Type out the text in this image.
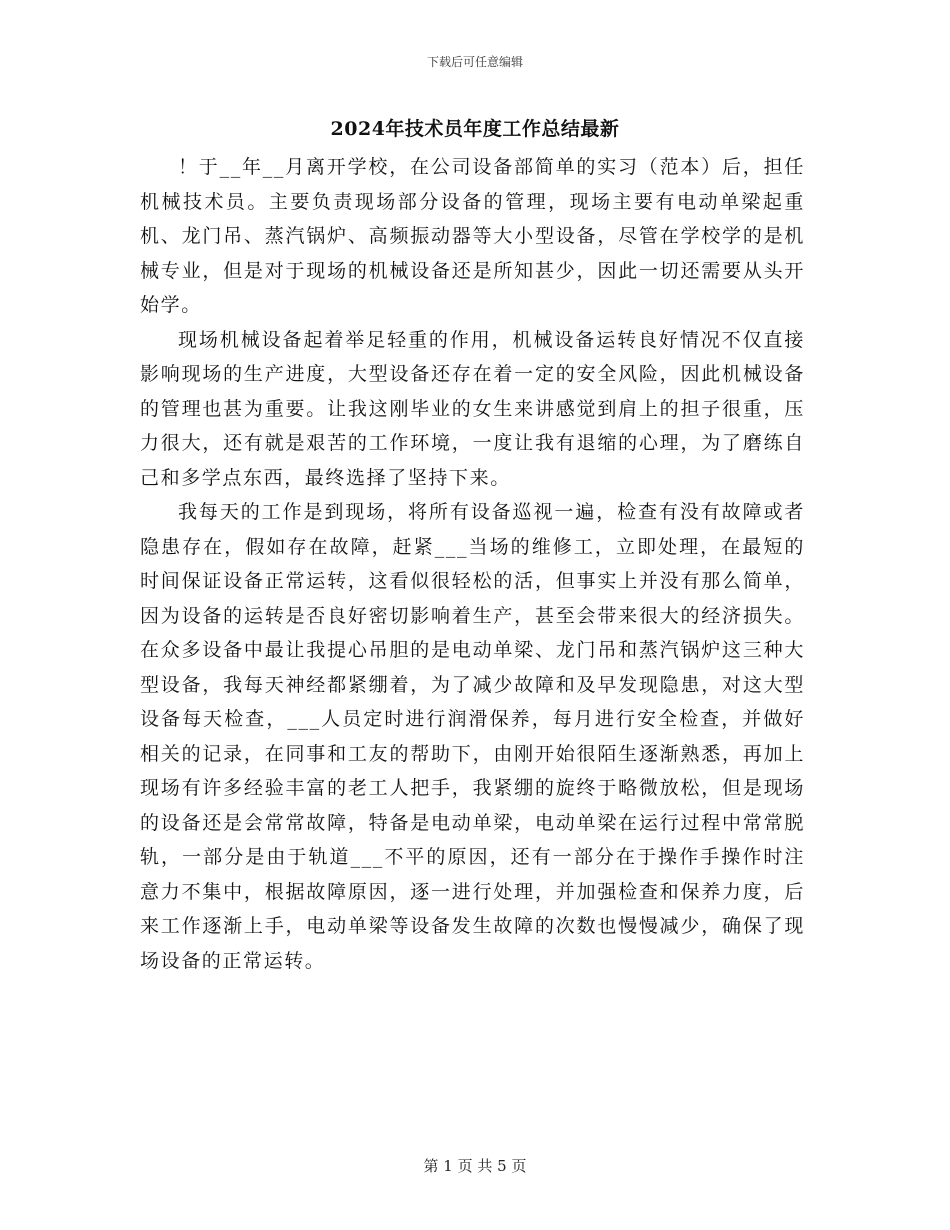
下载后可任意编辑
2024年技术员年度工作总结最新

！于__年__月离开学校，在公司设备部简单的实习（范本）后，担任机械技术员。主要负责现场部分设备的管理，现场主要有电动单梁起重机、龙门吊、蒸汽锅炉、高频振动器等大小型设备，尽管在学校学的是机械专业，但是对于现场的机械设备还是所知甚少，因此一切还需要从头开始学。

现场机械设备起着举足轻重的作用，机械设备运转良好情况不仅直接影响现场的生产进度，大型设备还存在着一定的安全风险，因此机械设备的管理也甚为重要。让我这刚毕业的女生来讲感觉到肩上的担子很重，压力很大，还有就是艰苦的工作环境，一度让我有退缩的心理，为了磨练自己和多学点东西，最终选择了坚持下来。

我每天的工作是到现场，将所有设备巡视一遍，检查有没有故障或者隐患存在，假如存在故障，赶紧___当场的维修工，立即处理，在最短的时间保证设备正常运转，这看似很轻松的活，但事实上并没有那么简单，因为设备的运转是否良好密切影响着生产，甚至会带来很大的经济损失。在众多设备中最让我提心吊胆的是电动单梁、龙门吊和蒸汽锅炉这三种大型设备，我每天神经都紧绷着，为了减少故障和及早发现隐患，对这大型设备每天检查，___人员定时进行润滑保养，每月进行安全检查，并做好相关的记录，在同事和工友的帮助下，由刚开始很陌生逐渐熟悉，再加上现场有许多经验丰富的老工人把手，我紧绷的旋终于略微放松，但是现场的设备还是会常常故障，特备是电动单梁，电动单梁在运行过程中常常脱轨，一部分是由于轨道___不平的原因，还有一部分在于操作手操作时注意力不集中，根据故障原因，逐一进行处理，并加强检查和保养力度，后来工作逐渐上手，电动单梁等设备发生故障的次数也慢慢减少，确保了现场设备的正常运转。

第 1 页 共 5 页
